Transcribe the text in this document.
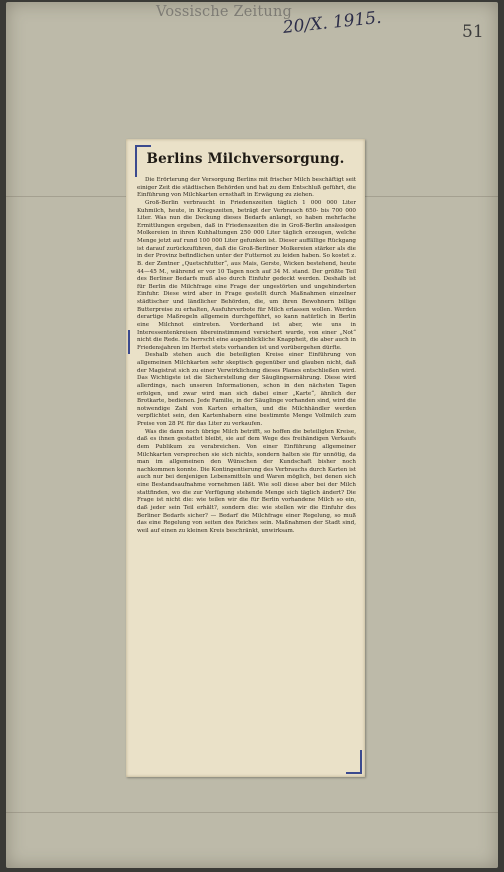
Vossische Zeitung
20/X. 1915.	51
Berlins Milchversorgung.

Die Erörterung der Versorgung Berlins mit frischer Milch beschäftigt seit einiger Zeit die städtischen Behörden und hat zu dem Entschluß geführt, die Einführung von Milchkarten ernsthaft in Erwägung zu ziehen.

Groß-Berlin verbraucht in Friedenszeiten täglich 1 000 000 Liter Kuhmilch, heute, in Kriegszeiten, beträgt der Verbrauch 650- bis 700 000 Liter. Was nun die Deckung dieses Bedarfs anlangt, so haben mehrfache Ermittlungen ergeben, daß in Friedenszeiten die in Groß-Berlin ansässigen Molkereien in ihren Kuhhaltungen 250 000 Liter täglich erzeugen, welche Menge jetzt auf rund 100 000 Liter gefunken ist. Dieser auffällige Rückgang ist darauf zurückzuführen, daß die Groß-Berliner Molkereien stärker als die in der Provinz befindlichen unter der Futternot zu leiden haben. So kostet z. B. der Zentner „Quetschfutter“, aus Mais, Gerste, Wicken bestehend, heute 44—45 M., während er vor 10 Tagen noch auf 34 M. stand. Der größte Teil des Berliner Bedarfs muß also durch Einfuhr gedeckt werden. Deshalb ist für Berlin die Milchfrage eine Frage der ungestörten und ungehinderten Einfuhr. Diese wird aber in Frage gestellt durch Maßnahmen einzelner städtischer und ländlicher Behörden, die, um ihren Bewohnern billige Butterpreise zu erhalten, Ausfuhrverbote für Milch erlassen wollen. Werden derartige Maßregeln allgemein durchgeführt, so kann natürlich in Berlin eine Milchnot eintreten. Vorderhand ist aber, wie uns in Interessentenkreisen übereinstimmend versichert wurde, von einer „Not“ nicht die Rede. Es herrscht eine augenblickliche Knappheit, die aber auch in Friedensjahren im Herbst stets vorhanden ist und vorübergehen dürfte.

Deshalb stehen auch die beteiligten Kreise einer Einführung von allgemeinen Milchkarten sehr skeptisch gegenüber und glauben nicht, daß der Magistrat sich zu einer Verwirklichung dieses Planes entschließen wird. Das Wichtigste ist die Sicherstellung der Säuglingsernährung. Diese wird allerdings, nach unseren Informationen, schon in den nächsten Tagen erfolgen, und zwar wird man sich dabei einer „Karte“, ähnlich der Brotkarte, bedienen. Jede Familie, in der Säuglinge vorhanden sind, wird die notwendige Zahl von Karten erhalten, und die Milchhändler werden verpflichtet sein, den Kartenhabern eine bestimmte Menge Vollmilch zum Preise von 28 Pf. für das Liter zu verkaufen.

Was die dann noch übrige Milch betrifft, so hoffen die beteiligten Kreise, daß es ihnen gestattet bleibt, sie auf dem Wege des freihändigen Verkaufs dem Publikum zu verabreichen. Von einer Einführung allgemeiner Milchkarten versprechen sie sich nichts, sondern halten sie für unnötig, da man im allgemeinen den Wünschen der Kundschaft bisher noch nachkommen konnte. Die Kontingentierung des Verbrauchs durch Karten ist auch nur bei denjenigen Lebensmitteln und Waren möglich, bei denen sich eine Bestandsaufnahme vornehmen läßt. Wie soll diese aber bei der Milch stattfinden, wo die zur Verfügung stehende Menge sich täglich ändert? Die Frage ist nicht die: wie teilen wir die für Berlin vorhandene Milch so ein, daß jeder sein Teil erhält?, sondern die: wie stellen wir die Einfuhr des Berliner Bedarfs sicher? — Bedarf die Milchfrage einer Regelung, so muß das eine Regelung von seiten des Reiches sein. Maßnahmen der Stadt sind, weil auf einen zu kleinen Kreis beschränkt, unwirksam.
